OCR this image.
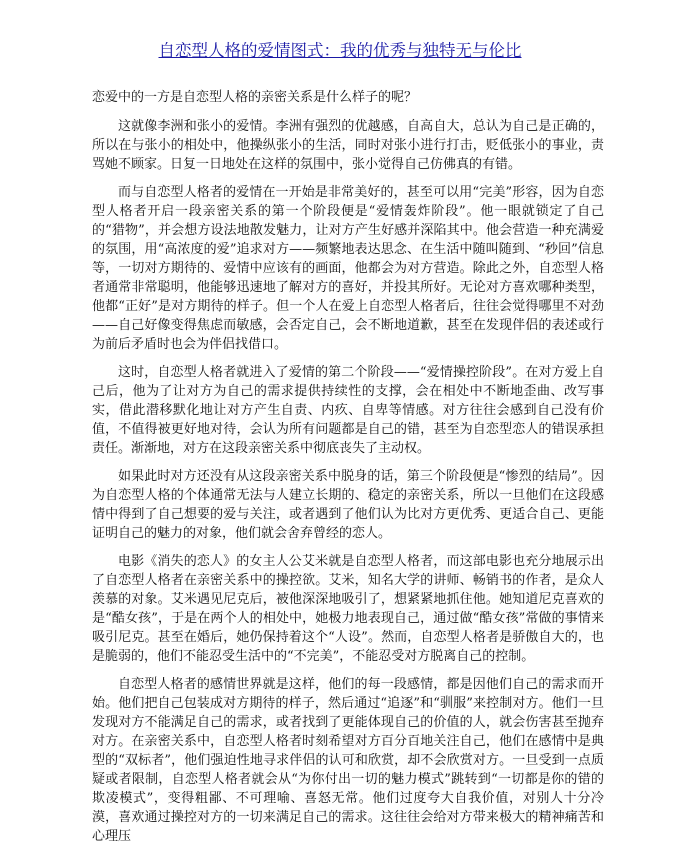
自恋型人格的爱情图式：我的优秀与独特无与伦比

恋爱中的一方是自恋型人格的亲密关系是什么样子的呢？

这就像李洲和张小的爱情。李洲有强烈的优越感，自高自大，总认为自己是正确的，所以在与张小的相处中，他操纵张小的生活，同时对张小进行打击，贬低张小的事业，责骂她不顾家。日复一日地处在这样的氛围中，张小觉得自己仿佛真的有错。

而与自恋型人格者的爱情在一开始是非常美好的，甚至可以用“完美”形容，因为自恋型人格者开启一段亲密关系的第一个阶段便是“爱情轰炸阶段”。他一眼就锁定了自己的“猎物”，并会想方设法地散发魅力，让对方产生好感并深陷其中。他会营造一种充满爱的氛围，用“高浓度的爱”追求对方——频繁地表达思念、在生活中随叫随到、“秒回”信息等，一切对方期待的、爱情中应该有的画面，他都会为对方营造。除此之外，自恋型人格者通常非常聪明，他能够迅速地了解对方的喜好，并投其所好。无论对方喜欢哪种类型，他都“正好”是对方期待的样子。但一个人在爱上自恋型人格者后，往往会觉得哪里不对劲——自己好像变得焦虑而敏感，会否定自己，会不断地道歉，甚至在发现伴侣的表述或行为前后矛盾时也会为伴侣找借口。

这时，自恋型人格者就进入了爱情的第二个阶段——“爱情操控阶段”。在对方爱上自己后，他为了让对方为自己的需求提供持续性的支撑，会在相处中不断地歪曲、改写事实，借此潜移默化地让对方产生自责、内疚、自卑等情感。对方往往会感到自己没有价值，不值得被更好地对待，会认为所有问题都是自己的错，甚至为自恋型恋人的错误承担责任。渐渐地，对方在这段亲密关系中彻底丧失了主动权。

如果此时对方还没有从这段亲密关系中脱身的话，第三个阶段便是“惨烈的结局”。因为自恋型人格的个体通常无法与人建立长期的、稳定的亲密关系，所以一旦他们在这段感情中得到了自己想要的爱与关注，或者遇到了他们认为比对方更优秀、更适合自己、更能证明自己的魅力的对象，他们就会舍弃曾经的恋人。

电影《消失的恋人》的女主人公艾米就是自恋型人格者，而这部电影也充分地展示出了自恋型人格者在亲密关系中的操控欲。艾米，知名大学的讲师、畅销书的作者，是众人羡慕的对象。艾米遇见尼克后，被他深深地吸引了，想紧紧地抓住他。她知道尼克喜欢的是“酷女孩”，于是在两个人的相处中，她极力地表现自己，通过做“酷女孩”常做的事情来吸引尼克。甚至在婚后，她仍保持着这个“人设”。然而，自恋型人格者是骄傲自大的，也是脆弱的，他们不能忍受生活中的“不完美”，不能忍受对方脱离自己的控制。

自恋型人格者的感情世界就是这样，他们的每一段感情，都是因他们自己的需求而开始。他们把自己包装成对方期待的样子，然后通过“追逐”和“驯服”来控制对方。他们一旦发现对方不能满足自己的需求，或者找到了更能体现自己的价值的人，就会伤害甚至抛弃对方。在亲密关系中，自恋型人格者时刻希望对方百分百地关注自己，他们在感情中是典型的“双标者”，他们强迫性地寻求伴侣的认可和欣赏，却不会欣赏对方。一旦受到一点质疑或者限制，自恋型人格者就会从“为你付出一切的魅力模式”跳转到“一切都是你的错的欺凌模式”，变得粗鄙、不可理喻、喜怒无常。他们过度夸大自我价值，对别人十分冷漠，喜欢通过操控对方的一切来满足自己的需求。这往往会给对方带来极大的精神痛苦和心理压
